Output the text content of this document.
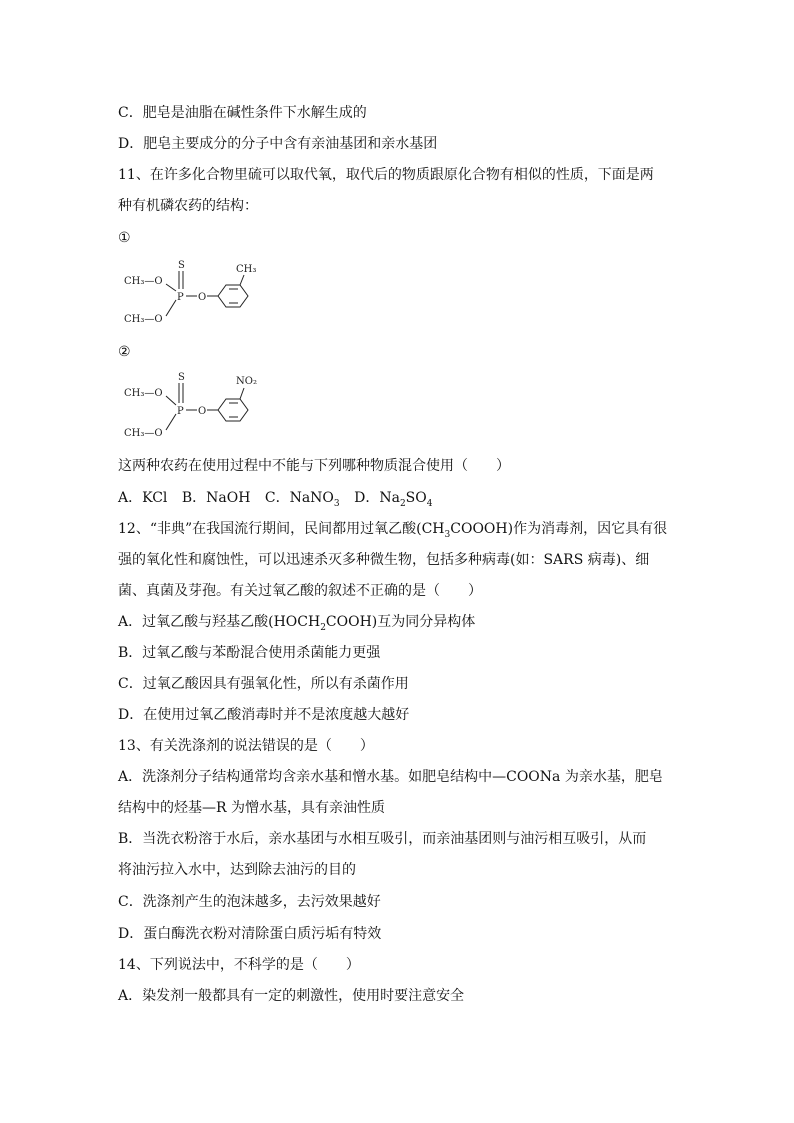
C．肥皂是油脂在碱性条件下水解生成的
D．肥皂主要成分的分子中含有亲油基团和亲水基团
11、在许多化合物里硫可以取代氧，取代后的物质跟原化合物有相似的性质，下面是两
种有机磷农药的结构：
①
CH₃—O
CH₃—O
S
P O
CH₃
②
CH₃—O
CH₃—O
S
P O
NO₂
这两种农药在使用过程中不能与下列哪种物质混合使用（　　）
A．KCl B．NaOH C．NaNO$_3$ D．$Na_2SO_4$
12、“非典”在我国流行期间，民间都用过氧乙酸$(CH_3COOOH)$作为消毒剂，因它具有很
强的氧化性和腐蚀性，可以迅速杀灭多种微生物，包括多种病毒(如：SARS 病毒)、细
菌、真菌及芽孢。有关过氧乙酸的叙述不正确的是（　　）
A．过氧乙酸与羟基乙酸$(HOCH_2COOH)$互为同分异构体
B．过氧乙酸与苯酚混合使用杀菌能力更强
C．过氧乙酸因具有强氧化性，所以有杀菌作用
D．在使用过氧乙酸消毒时并不是浓度越大越好
13、有关洗涤剂的说法错误的是（　　）
A．洗涤剂分子结构通常均含亲水基和憎水基。如肥皂结构中—COONa 为亲水基，肥皂
结构中的烃基—R 为憎水基，具有亲油性质
B．当洗衣粉溶于水后，亲水基团与水相互吸引，而亲油基团则与油污相互吸引，从而
将油污拉入水中，达到除去油污的目的
C．洗涤剂产生的泡沫越多，去污效果越好
D．蛋白酶洗衣粉对清除蛋白质污垢有特效
14、下列说法中，不科学的是（　　）
A．染发剂一般都具有一定的刺激性，使用时要注意安全
